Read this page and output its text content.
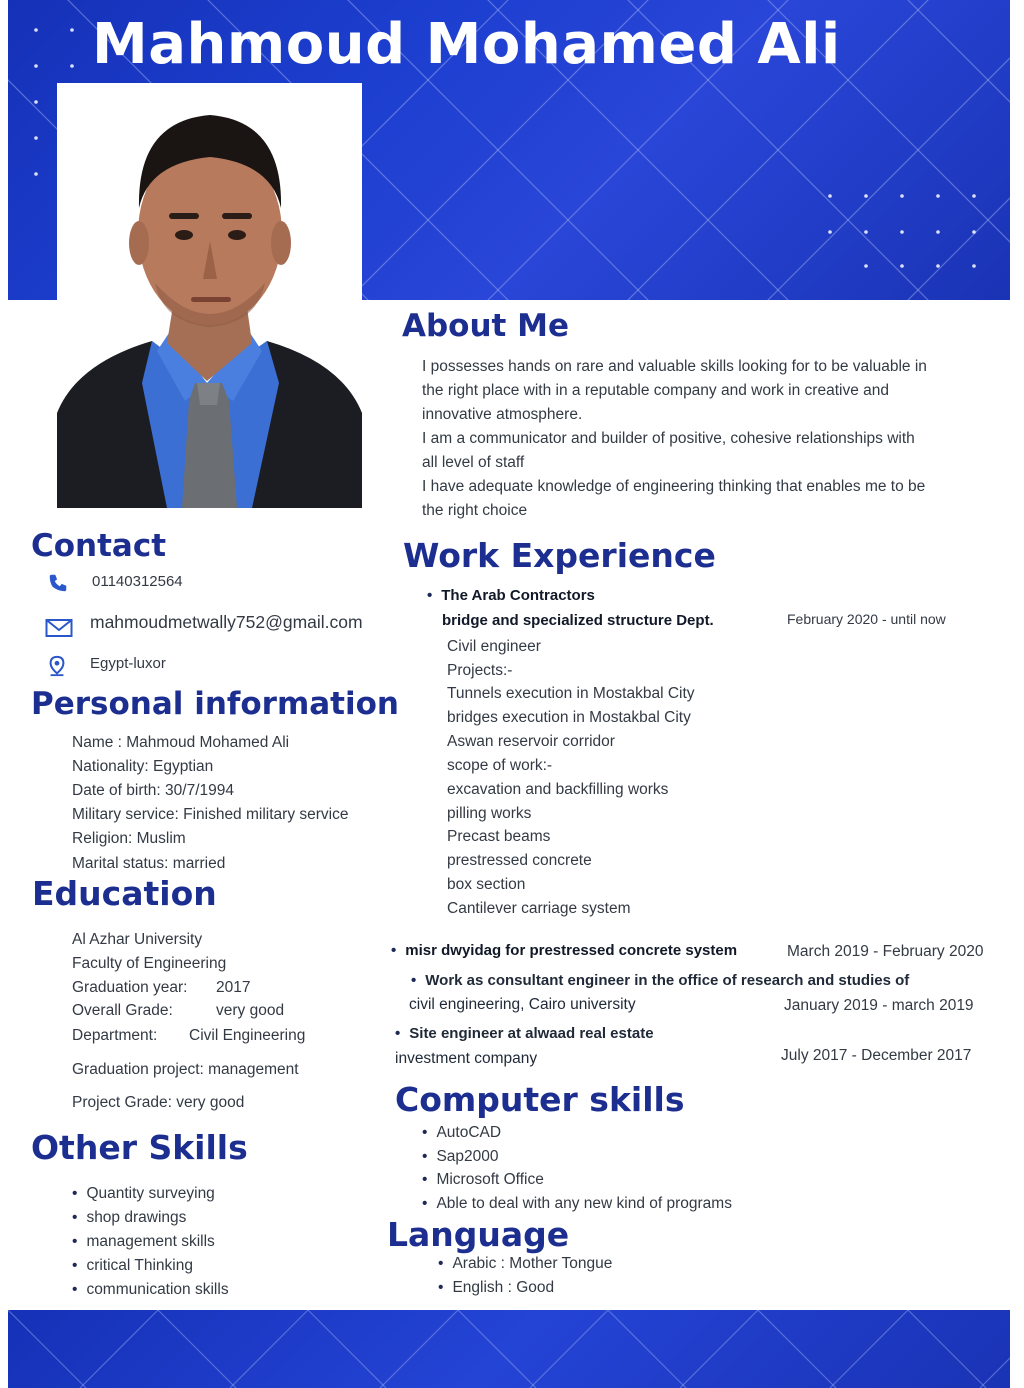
Mahmoud Mohamed Ali
About Me
I possesses hands on rare and valuable skills looking for to be valuable in
the right place with in a reputable company and work in creative and
innovative atmosphere.
I am a communicator and builder of positive, cohesive relationships with
all level of staff
I have adequate knowledge of engineering thinking that enables me to be
the right choice
Contact
01140312564
mahmoudmetwally752@gmail.com
Egypt-luxor
Personal information
Name : Mahmoud Mohamed Ali
Nationality: Egyptian
Date of birth: 30/7/1994
Military service: Finished military service
Religion: Muslim
Marital status: married
Education
Al Azhar University
Faculty of Engineering
Graduation year: 2017
Overall Grade:	very good
Department: Civil Engineering
Graduation project: management
Project Grade: very good
Other Skills
• Quantity surveying
• shop drawings
• management skills
• critical Thinking
• communication skills
Work Experience
• The Arab Contractors
bridge and specialized structure Dept.	February 2020 - until now
Civil engineer
Projects:-
Tunnels execution in Mostakbal City
bridges execution in Mostakbal City
Aswan reservoir corridor
scope of work:-
excavation and backfilling works
pilling works
Precast beams
prestressed concrete
box section
Cantilever carriage system
• misr dwyidag for prestressed concrete system	March 2019 - February 2020
• Work as consultant engineer in the office of research and studies of
civil engineering, Cairo university	January 2019 - march 2019
• Site engineer at alwaad real estate
investment company	July 2017 - December 2017
Computer skills
• AutoCAD
• Sap2000
• Microsoft Office
• Able to deal with any new kind of programs
Language
• Arabic : Mother Tongue
• English : Good
